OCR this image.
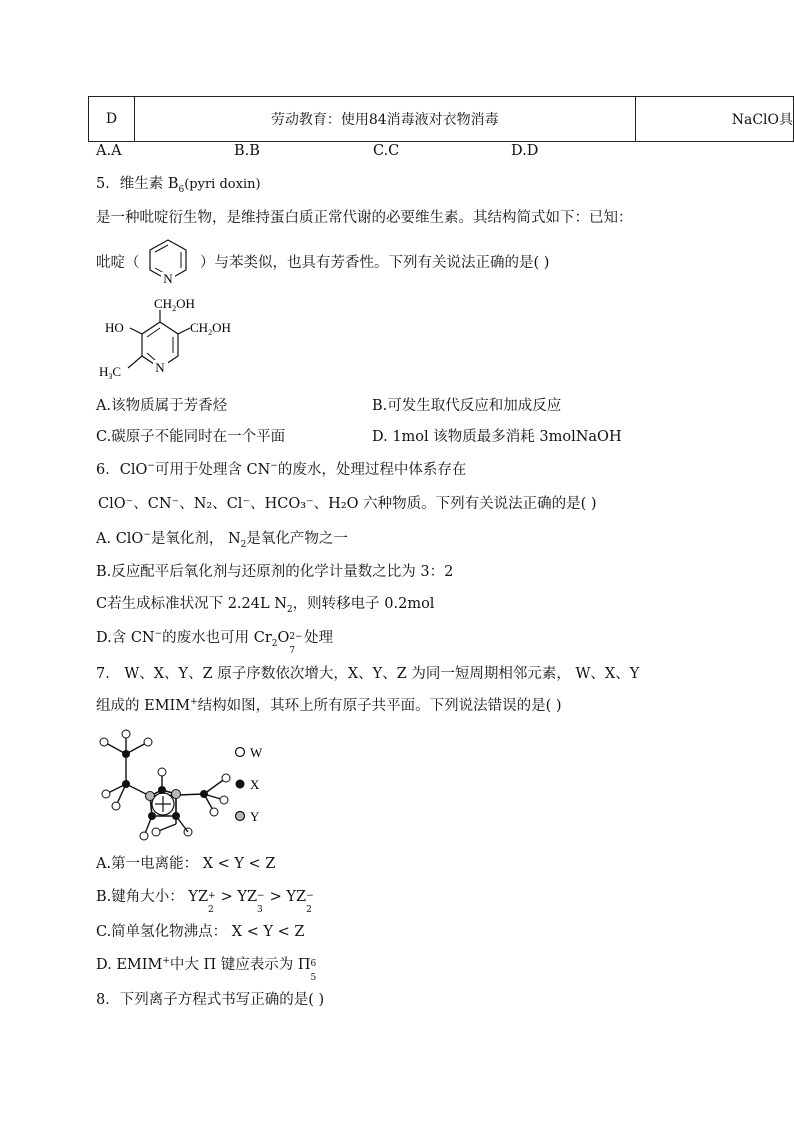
D	劳动教育：使用84消毒液对衣物消毒	NaClO具
A.A	B.B	C.C	D.D
5．维生素 $B_6(pyri$ doxin)
是一种吡啶衍生物，是维持蛋白质正常代谢的必要维生素。其结构简式如下：已知：
吡啶（
N
）与苯类似，也具有芳香性。下列有关说法正确的是( )
N
$CH_2OH$
HO	$CH_2OH$
$H_3C$
A.该物质属于芳香烃	B.可发生取代反应和加成反应
C.碳原子不能同时在一个平面	D. 1mol 该物质最多消耗 3molNaOH
6．ClO−可用于处理含 CN−的废水，处理过程中体系存在
ClO⁻、CN⁻、N₂、Cl⁻、HCO₃⁻、H₂O 六种物质。下列有关说法正确的是( )
A. ClO−是氧化剂， $N_2$是氧化产物之一
B.反应配平后氧化剂与还原剂的化学计量数之比为 3：2
C若生成标准状况下 2.24L $N_2$，则转移电子 0.2mol
D.含 CN−的废水也可用 $Cr_2O$ 2−
7
处理
7． W、X、Y、Z 原子序数依次增大，X、Y、Z 为同一短周期相邻元素， W、X、Y
组成的 EMIM+结构如图，其环上所有原子共平面。下列说法错误的是( )
W
X
Y
A.第一电离能： X < Y < Z
B.键角大小： YZ +
2
> YZ −
3
> YZ −
2
C.简单氢化物沸点： X < Y < Z
D. EMIM+中大 Π 键应表示为 Π 6
5
8．下列离子方程式书写正确的是( )
